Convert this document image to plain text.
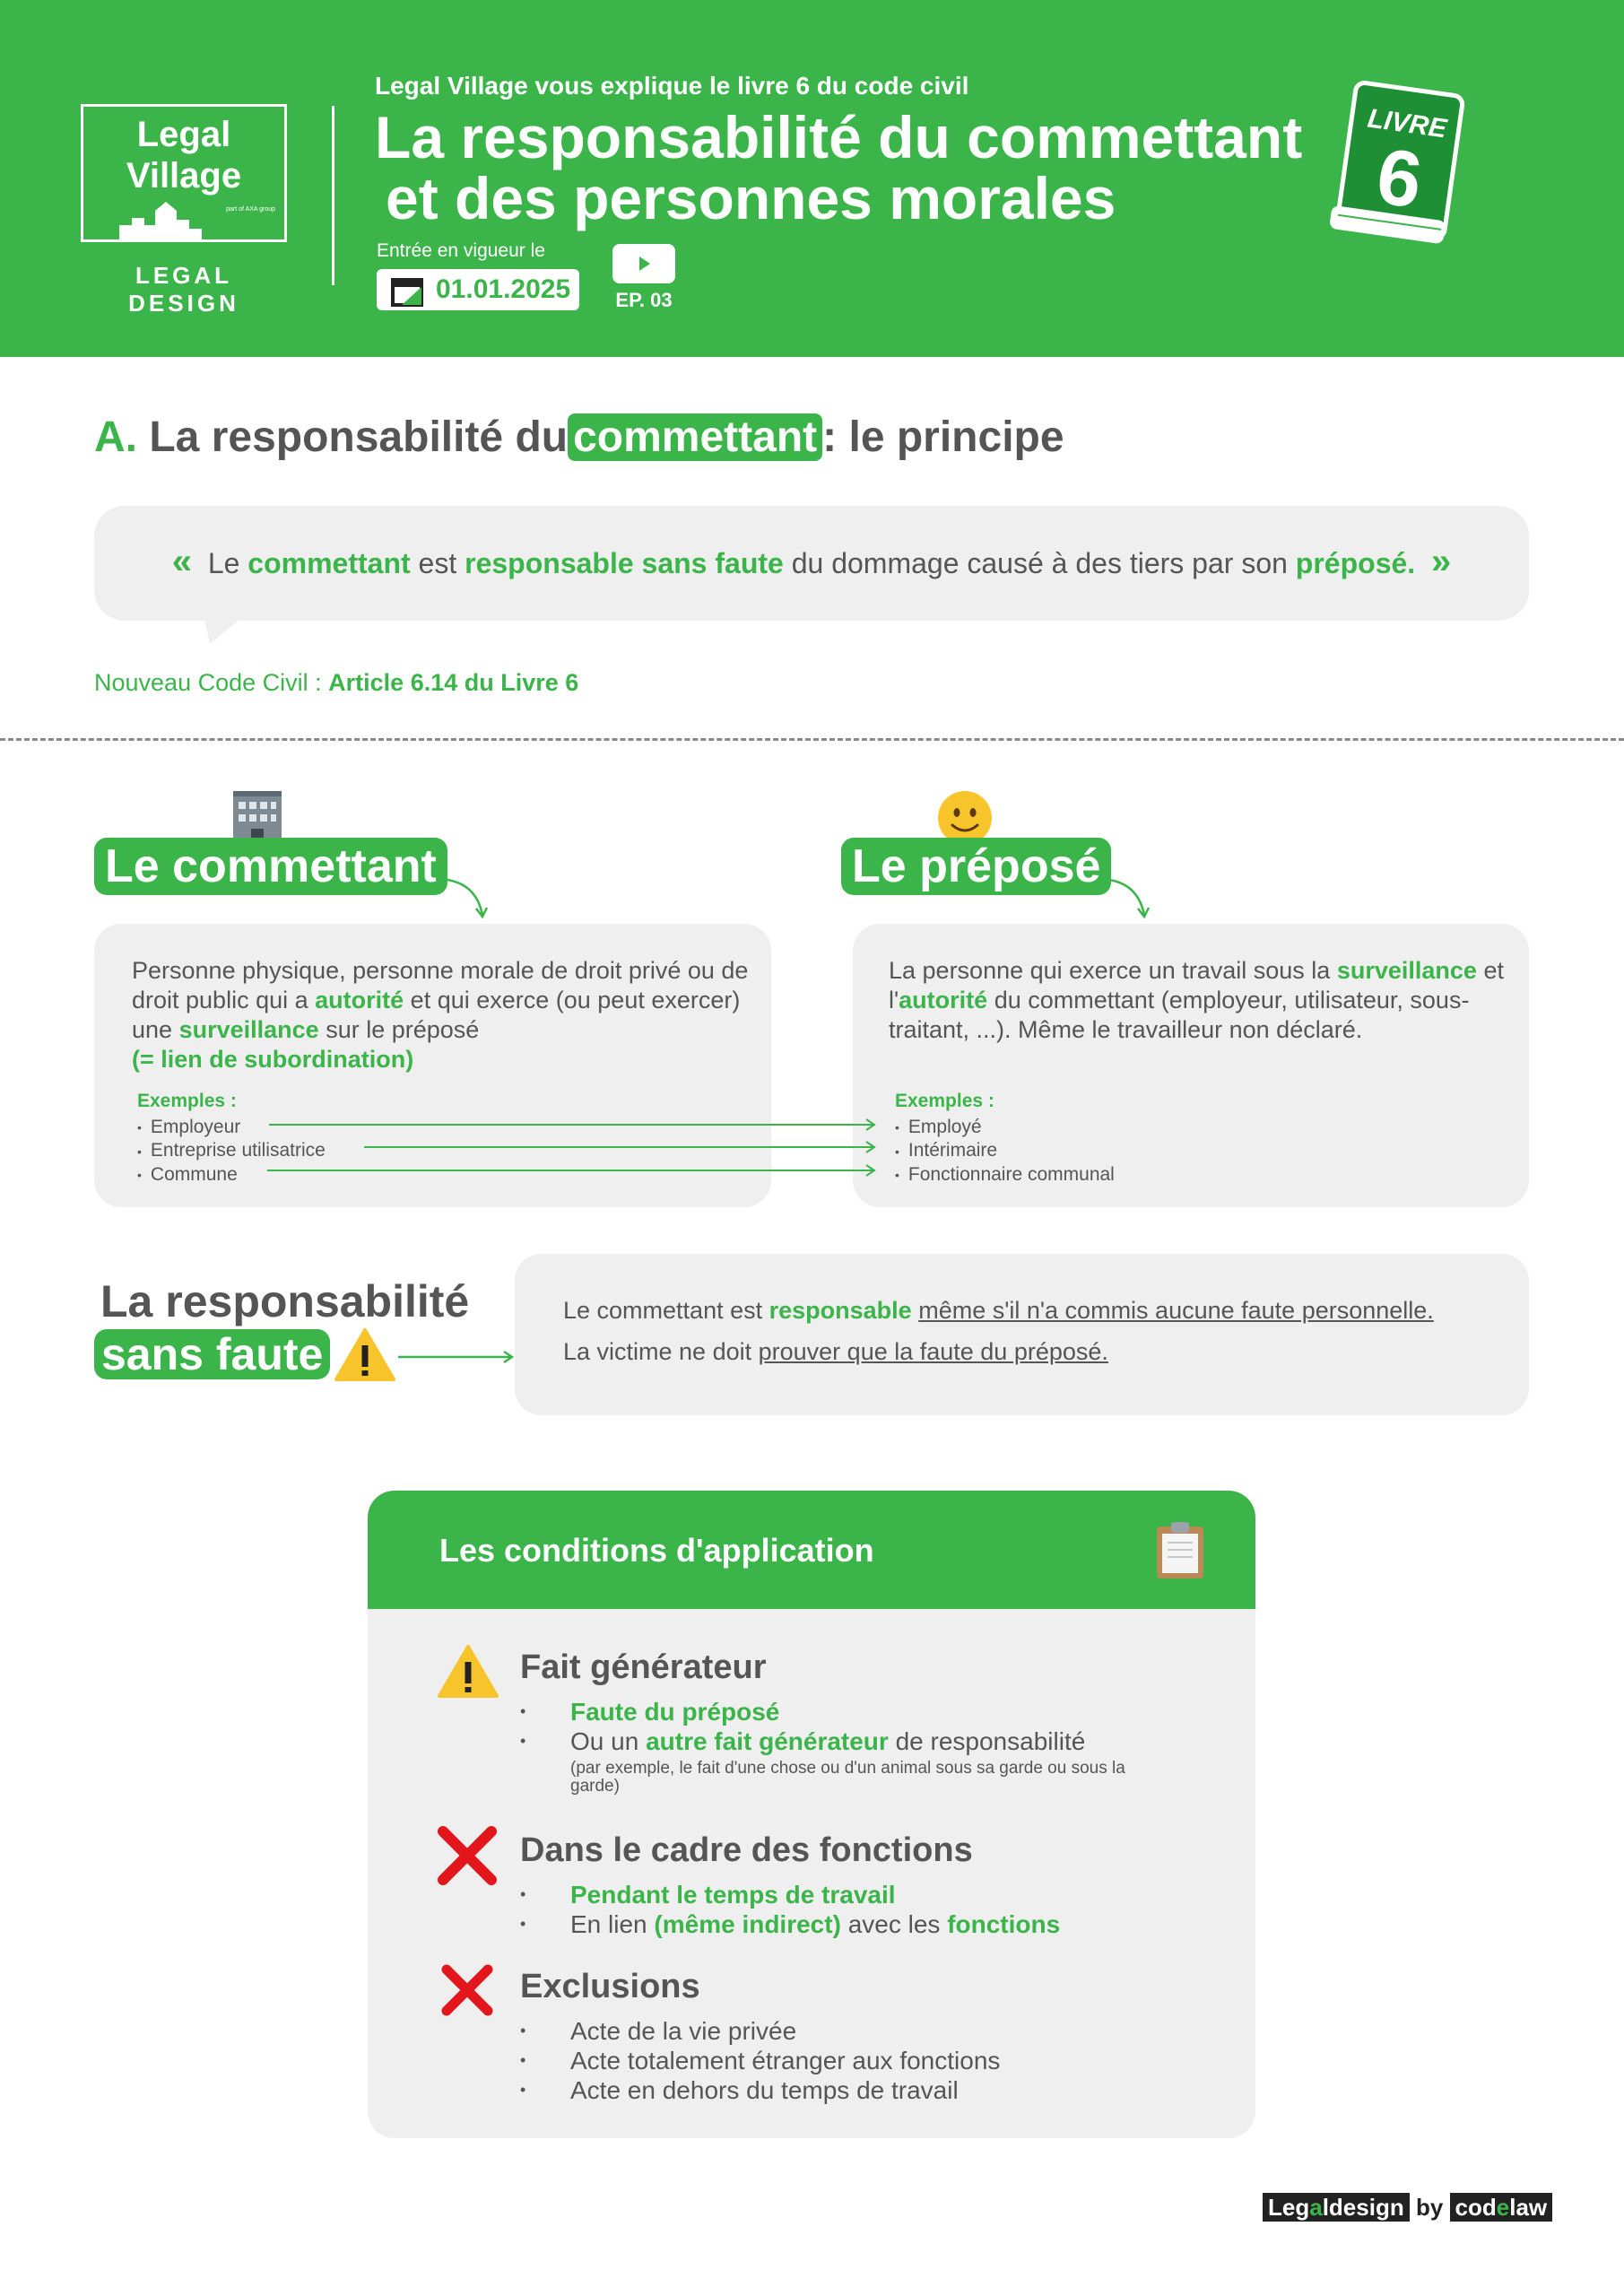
Legal
Village
part of AXA group
LEGAL DESIGN
Legal Village vous explique le livre 6 du code civil
La responsabilité du commettant
et des personnes morales
Entrée en vigueur le
01.01.2025 EP. 03
LIVRE
6
A. La responsabilité du commettant : le principe
« Le commettant est responsable sans faute du dommage causé à des tiers par son préposé. »
Nouveau Code Civil : Article 6.14 du Livre 6
Le commettant	Le préposé
Personne physique, personne morale de droit privé ou de droit public qui a autorité et qui exerce (ou peut exercer) une surveillance sur le préposé
(= lien de subordination)
Exemples :
• Employeur
• Entreprise utilisatrice
• Commune
La personne qui exerce un travail sous la surveillance et l'autorité du commettant (employeur, utilisateur, sous-traitant, ...). Même le travailleur non déclaré.
Exemples :
• Employé
• Intérimaire
• Fonctionnaire communal
La responsabilité
sans faute
Le commettant est responsable même s'il n'a commis aucune faute personnelle.
La victime ne doit prouver que la faute du préposé.
Les conditions d'application
Fait générateur
• Faute du préposé
• Ou un autre fait générateur de responsabilité
(par exemple, le fait d'une chose ou d'un animal sous sa garde ou sous la garde)
Dans le cadre des fonctions
• Pendant le temps de travail
• En lien (même indirect) avec les fonctions
Exclusions
• Acte de la vie privée
• Acte totalement étranger aux fonctions
• Acte en dehors du temps de travail
Legaldesign by codelaw
